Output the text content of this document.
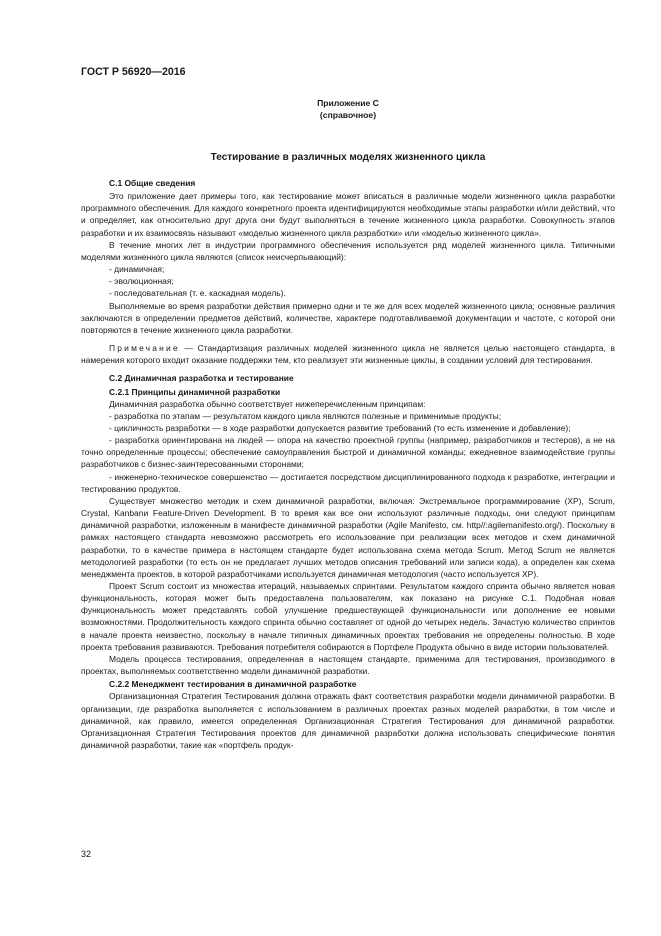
ГОСТ Р 56920—2016
Приложение С
(справочное)
Тестирование в различных моделях жизненного цикла
С.1 Общие сведения

Это приложение дает примеры того, как тестирование может вписаться в различные модели жизненного цикла разработки программного обеспечения. Для каждого конкретного проекта идентифицируются необходимые этапы разработки и/или действий, что и определяет, как относительно друг друга они будут выполняться в течение жизненного цикла разработки. Совокупность этапов разработки и их взаимосвязь называют «моделью жизненного цикла разработки» или «моделью жизненного цикла».

В течение многих лет в индустрии программного обеспечения используется ряд моделей жизненного цикла. Типичными моделями жизненного цикла являются (список неисчерпывающий):

- динамичная;

- эволюционная;

- последовательная (т. е. каскадная модель).

Выполняемые во время разработки действия примерно одни и те же для всех моделей жизненного цикла; основные различия заключаются в определении предметов действий, количестве, характере подготавливаемой документации и частоте, с которой они повторяются в течение жизненного цикла разработки.

Примечание — Стандартизация различных моделей жизненного цикла не является целью настоящего стандарта, в намерения которого входит оказание поддержки тем, кто реализует эти жизненные циклы, в создании условий для тестирования.

С.2 Динамичная разработка и тестирование
С.2.1 Принципы динамичной разработки

Динамичная разработка обычно соответствует нижеперечисленным принципам:

- разработка по этапам — результатом каждого цикла являются полезные и применимые продукты;

- цикличность разработки — в ходе разработки допускается развитие требований (то есть изменение и добавление);

- разработка ориентирована на людей — опора на качество проектной группы (например, разработчиков и тестеров), а не на точно определенные процессы; обеспечение самоуправления быстрой и динамичной команды; ежедневное взаимодействие группы разработчиков с бизнес-заинтересованными сторонами;

- инженерно-техническое совершенство — достигается посредством дисциплинированного подхода к разработке, интеграции и тестированию продуктов.

Существует множество методик и схем динамичной разработки, включая: Экстремальное программирование (ХР), Scrum, Crystal, Kanbanи Feature-Driven Development. В то время как все они используют различные подходы, они следуют принципам динамичной разработки, изложенным в манифесте динамичной разработки (Agile Manifesto, см. http//:agilemanifesto.org/). Поскольку в рамках настоящего стандарта невозможно рассмотреть его использование при реализации всех методов и схем динамичной разработки, то в качестве примера в настоящем стандарте будет использована схема метода Scrum. Метод Scrum не является методологией разработки (то есть он не предлагает лучших методов описания требований или записи кода), а определен как схема менеджмента проектов, в которой разработчиками используется динамичная методология (часто используется ХР).

Проект Scrum состоит из множества итераций, называемых спринтами. Результатом каждого спринта обычно является новая функциональность, которая может быть предоставлена пользователям, как показано на рисунке С.1. Подобная новая функциональность может представлять собой улучшение предшествующей функциональности или дополнение ее новыми возможностями. Продолжительность каждого спринта обычно составляет от одной до четырех недель. Зачастую количество спринтов в начале проекта неизвестно, поскольку в начале типичных динамичных проектах требования не определены полностью. В ходе проекта требования развиваются. Требования потребителя собираются в Портфеле Продукта обычно в виде истории пользователей.

Модель процесса тестирования, определенная в настоящем стандарте, применима для тестирования, производимого в проектах, выполняемых соответственно модели динамичной разработки.

С.2.2 Менеджмент тестирования в динамичной разработке

Организационная Стратегия Тестирования должна отражать факт соответствия разработки модели динамичной разработки. В организации, где разработка выполняется с использованием в различных проектах разных моделей разработки, в том числе и динамичной, как правило, имеется определенная Организационная Стратегия Тестирования для динамичной разработки. Организационная Стратегия Тестирования проектов для динамичной разработки должна использовать специфические понятия динамичной разработки, такие как «портфель продук-

32
